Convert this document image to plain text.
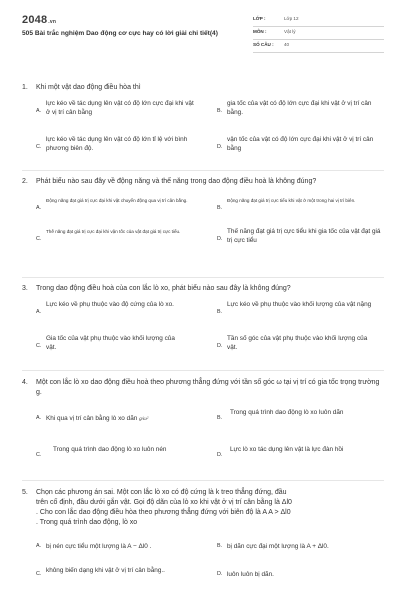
2048.vn
505 Bài trắc nghiệm Dao động cơ cực hay có lời giải chi tiết(4)
LỚP :	Lớp 12
MÔN :	Vật lý
SỐ CÂU : 40
1. Khi một vật dao động điều hòa thì
A.
lực kéo về tác dụng lên vật có độ lớn cực đại khi vật ở vị trí cân bằng	B.
gia tốc của vật có độ lớn cực đại khi vật ở vị trí cân bằng.
C.
lực kéo về tác dụng lên vật có độ lớn tỉ lệ với bình phương biên độ.	D.
vận tốc của vật có độ lớn cực đại khi vật ở vị trí cân bằng
2. Phát biểu nào sau đây về động năng và thế năng trong dao động điều hoà là không đúng?
A.
Động năng đạt giá trị cực đại khi vật chuyển động qua vị trí cân bằng.
B.
Động năng đạt giá trị cực tiểu khi vật ở một trong hai vị trí biên.
C.
Thế năng đạt giá trị cực đại khi vận tốc của vật đạt giá trị cực tiểu.
D.
Thế năng đạt giá trị cực tiểu khi gia tốc của vật đạt giá trị cực tiểu
3. Trong dao động điều hoà của con lắc lò xo, phát biểu nào sau đây là không đúng?
A.
Lực kéo về phụ thuộc vào độ cứng của lò xo.
B.
Lực kéo về phụ thuộc vào khối lượng của vật nặng
C.
Gia tốc của vật phụ thuộc vào khối lượng của vật.	D.
Tần số góc của vật phụ thuộc vào khối lượng của vật.
4. Một con lắc lò xo dao động điều hoà theo phương thẳng đứng với tần số góc ω tại vị trí có gia tốc trọng trường g.
A. Khi qua vị trí cân bằng lò xo dãn g/ω²	B.
Trong quá trình dao động lò xo luôn dãn
C.
Trong quá trình dao động lò xo luôn nén
D.
Lực lò xo tác dụng lên vật là lực đàn hồi
5. Chọn các phương án sai. Một con lắc lò xo có độ cứng là k treo thẳng đứng, đầu
trên cố định, đầu dưới gắn vật. Gọi độ dãn của lò xo khi vật ở vị trí cân bằng là Δl0
. Cho con lắc dao động điều hòa theo phương thẳng đứng với biên độ là A A > Δl0
. Trong quá trình dao động, lò xo
A. bị nén cực tiểu một lượng là A − Δl0 .	B. bị dãn cực đại một lượng là A + Δl0.
C. không biến dạng khi vật ở vị trí cân bằng..	D. luôn luôn bị dãn.
